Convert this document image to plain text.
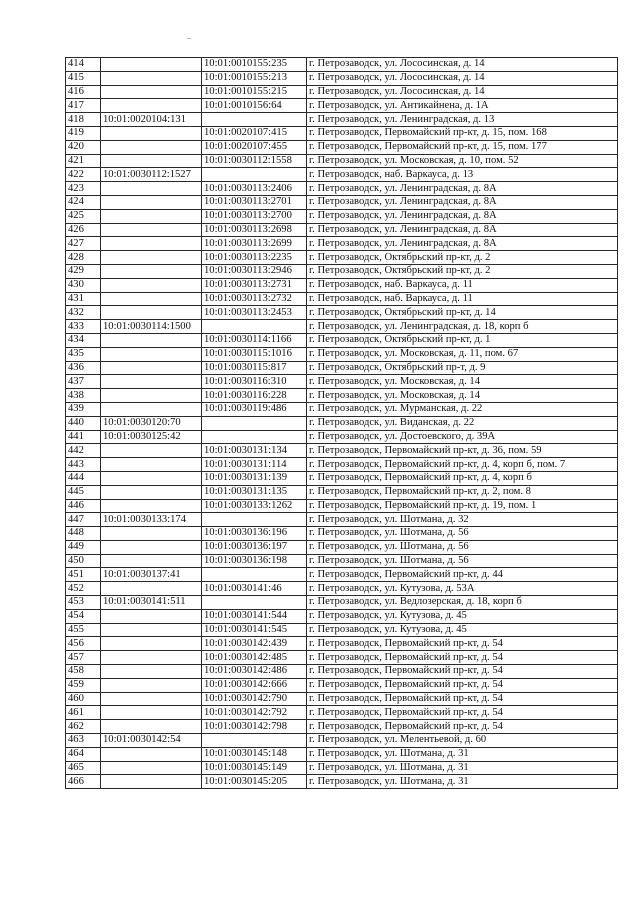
414		10:01:0010155:235	г. Петрозаводск, ул. Лососинская, д. 14
415		10:01:0010155:213	г. Петрозаводск, ул. Лососинская, д. 14
416		10:01:0010155:215	г. Петрозаводск, ул. Лососинская, д. 14
417		10:01:0010156:64	г. Петрозаводск, ул. Антикайнена, д. 1А
418	10:01:0020104:131		г. Петрозаводск, ул. Ленинградская, д. 13
419		10:01:0020107:415	г. Петрозаводск, Первомайский пр-кт, д. 15, пом. 168
420		10:01:0020107:455	г. Петрозаводск, Первомайский пр-кт, д. 15, пом. 177
421		10:01:0030112:1558	г. Петрозаводск, ул. Московская, д. 10, пом. 52
422	10:01:0030112:1527		г. Петрозаводск, наб. Варкауса, д. 13
423		10:01:0030113:2406	г. Петрозаводск, ул. Ленинградская, д. 8А
424		10:01:0030113:2701	г. Петрозаводск, ул. Ленинградская, д. 8А
425		10:01:0030113:2700	г. Петрозаводск, ул. Ленинградская, д. 8А
426		10:01:0030113:2698	г. Петрозаводск, ул. Ленинградская, д. 8А
427		10:01:0030113:2699	г. Петрозаводск, ул. Ленинградская, д. 8А
428		10:01:0030113:2235	г. Петрозаводск, Октябрьский пр-кт, д. 2
429		10:01:0030113:2946	г. Петрозаводск, Октябрьский пр-кт, д. 2
430		10:01:0030113:2731	г. Петрозаводск, наб. Варкауса, д. 11
431		10:01:0030113:2732	г. Петрозаводск, наб. Варкауса, д. 11
432		10:01:0030113:2453	г. Петрозаводск, Октябрьский пр-кт, д. 14
433	10:01:0030114:1500		г. Петрозаводск, ул. Ленинградская, д. 18, корп б
434		10:01:0030114:1166	г. Петрозаводск, Октябрьский пр-кт, д. 1
435		10:01:0030115:1016	г. Петрозаводск, ул. Московская, д. 11, пом. 67
436		10:01:0030115:817	г. Петрозаводск, Октябрьский пр-т, д. 9
437		10:01:0030116:310	г. Петрозаводск, ул. Московская, д. 14
438		10:01:0030116:228	г. Петрозаводск, ул. Московская, д. 14
439		10:01:0030119:486	г. Петрозаводск, ул. Мурманская, д. 22
440	10:01:0030120:70		г. Петрозаводск, ул. Виданская, д. 22
441	10:01:0030125:42		г. Петрозаводск, ул. Достоевского, д. 39А
442		10:01:0030131:134	г. Петрозаводск, Первомайский пр-кт, д. 36, пом. 59
443		10:01:0030131:114	г. Петрозаводск, Первомайский пр-кт, д. 4, корп б, пом. 7
444		10:01:0030131:139	г. Петрозаводск, Первомайский пр-кт, д. 4, корп б
445		10:01:0030131:135	г. Петрозаводск, Первомайский пр-кт, д. 2, пом. 8
446		10:01:0030133:1262	г. Петрозаводск, Первомайский пр-кт, д. 19, пом. 1
447	10:01:0030133:174		г. Петрозаводск, ул. Шотмана, д. 32
448		10:01:0030136:196	г. Петрозаводск, ул. Шотмана, д. 56
449		10:01:0030136:197	г. Петрозаводск, ул. Шотмана, д. 56
450		10:01:0030136:198	г. Петрозаводск, ул. Шотмана, д. 56
451	10:01:0030137:41		г. Петрозаводск, Первомайский пр-кт, д. 44
452		10:01:0030141:46	г. Петрозаводск, ул. Кутузова, д. 53А
453	10:01:0030141:511		г. Петрозаводск, ул. Ведлозерская, д. 18, корп б
454		10:01:0030141:544	г. Петрозаводск, ул. Кутузова, д. 45
455		10:01:0030141:545	г. Петрозаводск, ул. Кутузова, д. 45
456		10:01:0030142:439	г. Петрозаводск, Первомайский пр-кт, д. 54
457		10:01:0030142:485	г. Петрозаводск, Первомайский пр-кт, д. 54
458		10:01:0030142:486	г. Петрозаводск, Первомайский пр-кт, д. 54
459		10:01:0030142:666	г. Петрозаводск, Первомайский пр-кт, д. 54
460		10:01:0030142:790	г. Петрозаводск, Первомайский пр-кт, д. 54
461		10:01:0030142:792	г. Петрозаводск, Первомайский пр-кт, д. 54
462		10:01:0030142:798	г. Петрозаводск, Первомайский пр-кт, д. 54
463	10:01:0030142:54		г. Петрозаводск, ул. Мелентьевой, д. 60
464		10:01:0030145:148	г. Петрозаводск, ул. Шотмана, д. 31
465		10:01:0030145:149	г. Петрозаводск, ул. Шотмана, д. 31
466		10:01:0030145:205	г. Петрозаводск, ул. Шотмана, д. 31
